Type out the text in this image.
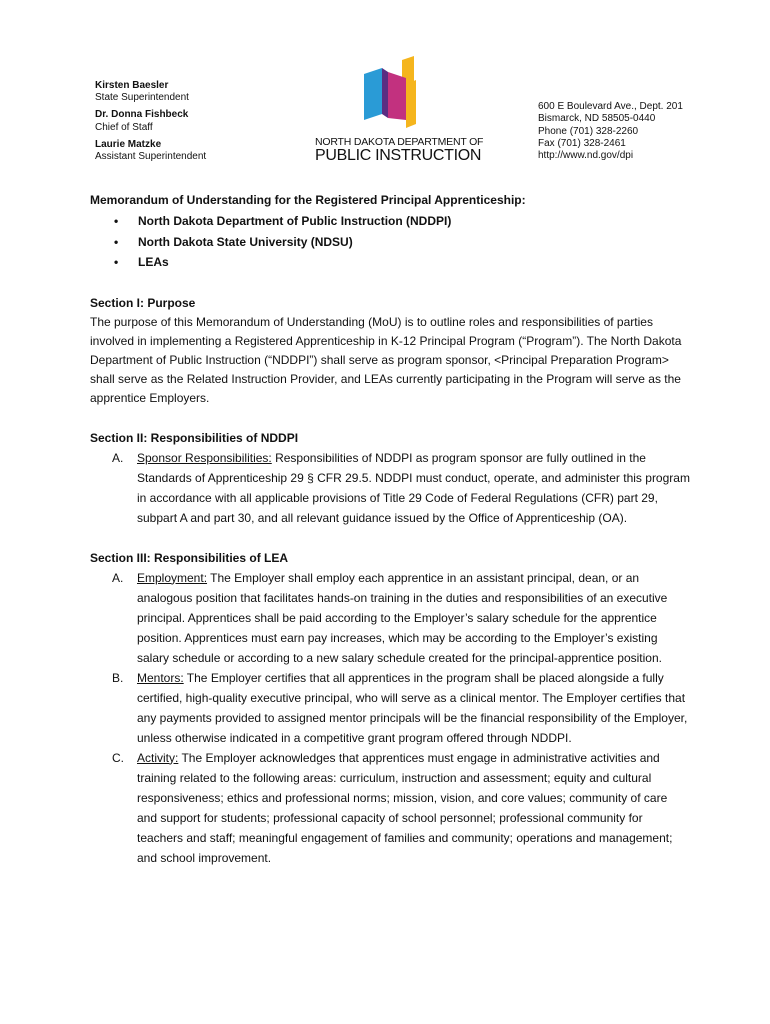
Kirsten Baesler
State Superintendent
Dr. Donna Fishbeck
Chief of Staff
Laurie Matzke
Assistant Superintendent
NORTH DAKOTA DEPARTMENT OF
PUBLIC INSTRUCTION
600 E Boulevard Ave., Dept. 201
Bismarck, ND 58505-0440
Phone (701) 328-2260
Fax (701) 328-2461
http://www.nd.gov/dpi
Memorandum of Understanding for the Registered Principal Apprenticeship:
• North Dakota Department of Public Instruction (NDDPI)
• North Dakota State University (NDSU)
• LEAs
Section I: Purpose
The purpose of this Memorandum of Understanding (MoU) is to outline roles and responsibilities of parties involved in implementing a Registered Apprenticeship in K-12 Principal Program (“Program”). The North Dakota Department of Public Instruction (“NDDPI”) shall serve as program sponsor, <Principal Preparation Program> shall serve as the Related Instruction Provider, and LEAs currently participating in the Program will serve as the apprentice Employers.
Section II: Responsibilities of NDDPI
A. Sponsor Responsibilities: Responsibilities of NDDPI as program sponsor are fully outlined in the Standards of Apprenticeship 29 § CFR 29.5. NDDPI must conduct, operate, and administer this program in accordance with all applicable provisions of Title 29 Code of Federal Regulations (CFR) part 29, subpart A and part 30, and all relevant guidance issued by the Office of Apprenticeship (OA).
Section III: Responsibilities of LEA
A. Employment: The Employer shall employ each apprentice in an assistant principal, dean, or an analogous position that facilitates hands-on training in the duties and responsibilities of an executive principal. Apprentices shall be paid according to the Employer’s salary schedule for the apprentice position. Apprentices must earn pay increases, which may be according to the Employer’s existing salary schedule or according to a new salary schedule created for the principal-apprentice position.
B. Mentors: The Employer certifies that all apprentices in the program shall be placed alongside a fully certified, high-quality executive principal, who will serve as a clinical mentor. The Employer certifies that any payments provided to assigned mentor principals will be the financial responsibility of the Employer, unless otherwise indicated in a competitive grant program offered through NDDPI.
C. Activity: The Employer acknowledges that apprentices must engage in administrative activities and training related to the following areas: curriculum, instruction and assessment; equity and cultural responsiveness; ethics and professional norms; mission, vision, and core values; community of care and support for students; professional capacity of school personnel; professional community for teachers and staff; meaningful engagement of families and community; operations and management; and school improvement.
